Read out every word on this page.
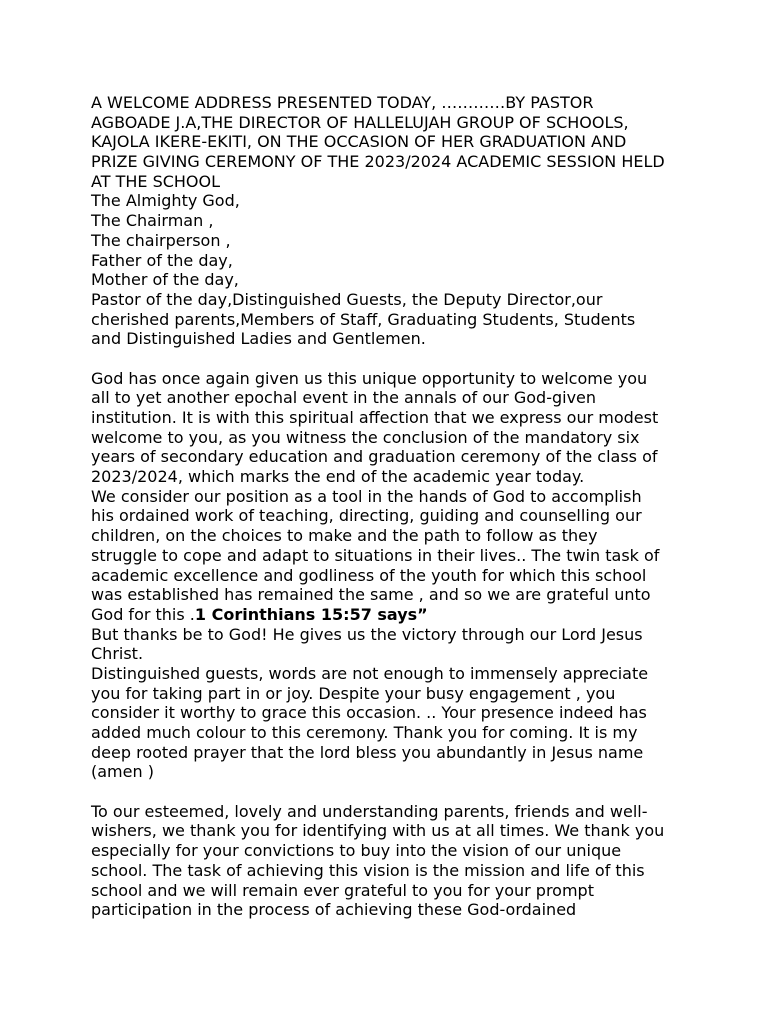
A WELCOME ADDRESS PRESENTED TODAY, …………BY PASTOR
AGBOADE J.A,THE DIRECTOR OF HALLELUJAH GROUP OF SCHOOLS,
KAJOLA IKERE-EKITI, ON THE OCCASION OF HER GRADUATION AND
PRIZE GIVING CEREMONY OF THE 2023/2024 ACADEMIC SESSION HELD
AT THE SCHOOL
The Almighty God,
The Chairman ,
The chairperson ,
Father of the day,
Mother of the day,
Pastor of the day,Distinguished Guests, the Deputy Director,our
cherished parents,Members of Staff, Graduating Students, Students
and Distinguished Ladies and Gentlemen.
God has once again given us this unique opportunity to welcome you
all to yet another epochal event in the annals of our God-given
institution. It is with this spiritual affection that we express our modest
welcome to you, as you witness the conclusion of the mandatory six
years of secondary education and graduation ceremony of the class of
2023/2024, which marks the end of the academic year today.
We consider our position as a tool in the hands of God to accomplish
his ordained work of teaching, directing, guiding and counselling our
children, on the choices to make and the path to follow as they
struggle to cope and adapt to situations in their lives.. The twin task of
academic excellence and godliness of the youth for which this school
was established has remained the same , and so we are grateful unto
God for this .1 Corinthians 15:57 says”
But thanks be to God! He gives us the victory through our Lord Jesus
Christ.
Distinguished guests, words are not enough to immensely appreciate
you for taking part in or joy. Despite your busy engagement , you
consider it worthy to grace this occasion. .. Your presence indeed has
added much colour to this ceremony. Thank you for coming. It is my
deep rooted prayer that the lord bless you abundantly in Jesus name
(amen )
To our esteemed, lovely and understanding parents, friends and well-
wishers, we thank you for identifying with us at all times. We thank you
especially for your convictions to buy into the vision of our unique
school. The task of achieving this vision is the mission and life of this
school and we will remain ever grateful to you for your prompt
participation in the process of achieving these God-ordained
